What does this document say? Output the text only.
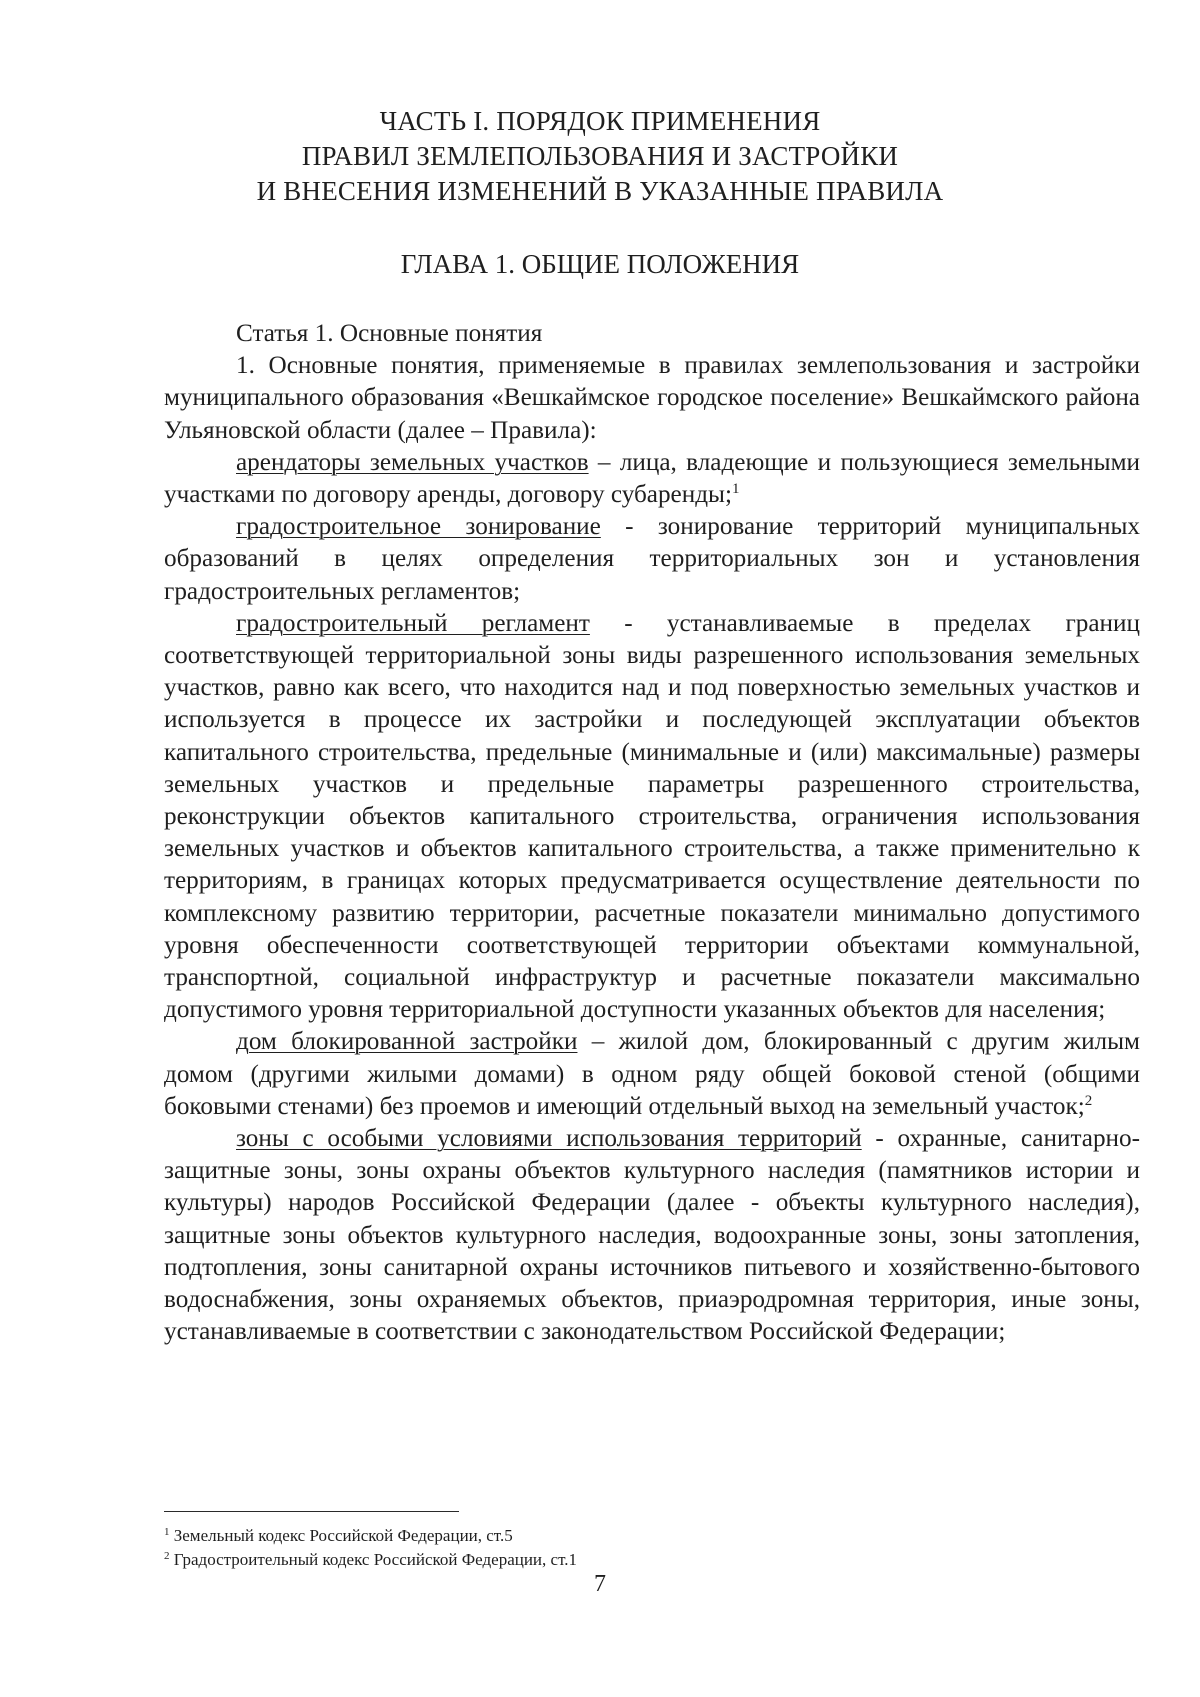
ЧАСТЬ I. ПОРЯДОК ПРИМЕНЕНИЯ
ПРАВИЛ ЗЕМЛЕПОЛЬЗОВАНИЯ И ЗАСТРОЙКИ
И ВНЕСЕНИЯ ИЗМЕНЕНИЙ В УКАЗАННЫЕ ПРАВИЛА
ГЛАВА 1. ОБЩИЕ ПОЛОЖЕНИЯ

Статья 1. Основные понятия

1. Основные понятия, применяемые в правилах землепользования и застройки муниципального образования «Вешкаймское городское поселение» Вешкаймского района Ульяновской области (далее – Правила):

арендаторы земельных участков – лица, владеющие и пользующиеся земельными участками по договору аренды, договору субаренды;$^1$

градостроительное зонирование - зонирование территорий муниципальных образований в целях определения территориальных зон и установления градостроительных регламентов;

градостроительный регламент - устанавливаемые в пределах границ соответствующей территориальной зоны виды разрешенного использования земельных участков, равно как всего, что находится над и под поверхностью земельных участков и используется в процессе их застройки и последующей эксплуатации объектов капитального строительства, предельные (минимальные и (или) максимальные) размеры земельных участков и предельные параметры разрешенного строительства, реконструкции объектов капитального строительства, ограничения использования земельных участков и объектов капитального строительства, а также применительно к территориям, в границах которых предусматривается осуществление деятельности по комплексному развитию территории, расчетные показатели минимально допустимого уровня обеспеченности соответствующей территории объектами коммунальной, транспортной, социальной инфраструктур и расчетные показатели максимально допустимого уровня территориальной доступности указанных объектов для населения;

дом блокированной застройки – жилой дом, блокированный с другим жилым домом (другими жилыми домами) в одном ряду общей боковой стеной (общими боковыми стенами) без проемов и имеющий отдельный выход на земельный участок;$^2$

зоны с особыми условиями использования территорий - охранные, санитарно-защитные зоны, зоны охраны объектов культурного наследия (памятников истории и культуры) народов Российской Федерации (далее - объекты культурного наследия), защитные зоны объектов культурного наследия, водоохранные зоны, зоны затопления, подтопления, зоны санитарной охраны источников питьевого и хозяйственно-бытового водоснабжения, зоны охраняемых объектов, приаэродромная территория, иные зоны, устанавливаемые в соответствии с законодательством Российской Федерации;

$^1$ Земельный кодекс Российской Федерации, ст.5
$^2$ Градостроительный кодекс Российской Федерации, ст.1
7
